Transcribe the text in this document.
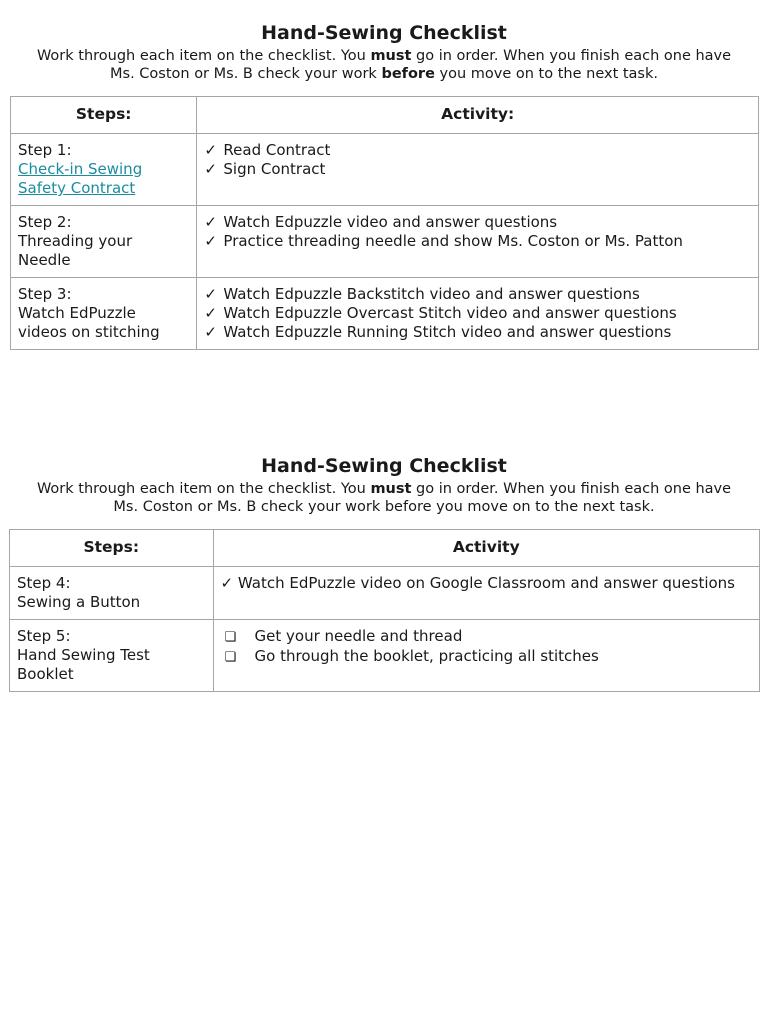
Hand-Sewing Checklist

Work through each item on the checklist. You must go in order. When you finish each one have Ms. Coston or Ms. B check your work before you move on to the next task.

Steps:	Activity:

Step 1:
Check-in Sewing Safety Contract	✓ Read Contract
✓ Sign Contract

Step 2:
Threading your Needle	✓ Watch Edpuzzle video and answer questions
✓ Practice threading needle and show Ms. Coston or Ms. Patton

Step 3:
Watch EdPuzzle videos on stitching	✓ Watch Edpuzzle Backstitch video and answer questions
✓ Watch Edpuzzle Overcast Stitch video and answer questions
✓ Watch Edpuzzle Running Stitch video and answer questions
Hand-Sewing Checklist

Work through each item on the checklist. You must go in order. When you finish each one have Ms. Coston or Ms. B check your work before you move on to the next task.

Steps:	Activity

Step 4:
Sewing a Button	✓ Watch EdPuzzle video on Google Classroom and answer questions

Step 5:
Hand Sewing Test Booklet	❏ Get your needle and thread
❏ Go through the booklet, practicing all stitches
